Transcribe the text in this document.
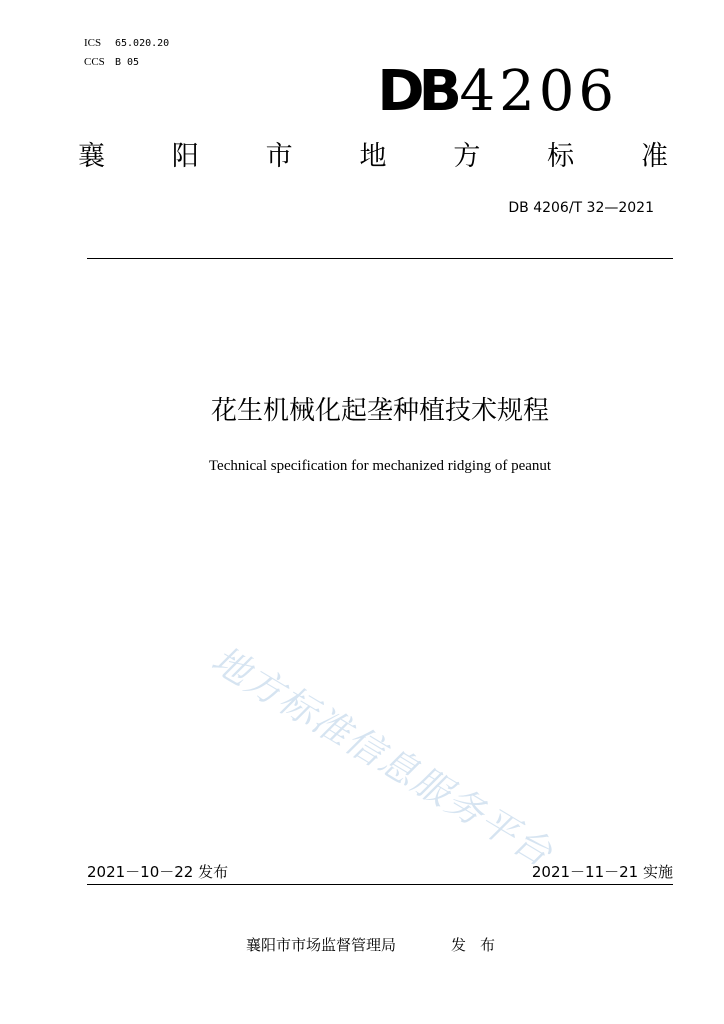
ICS 65.020.20
CCS B 05	DB4206
襄 阳 市 地 方 标 准
DB 4206/T 32—2021
花生机械化起垄种植技术规程
Technical specification for mechanized ridging of peanut
地方标准信息服务平台
2021－10－22 发布	2021－11－21 实施
襄阳市市场监督管理局	发布
